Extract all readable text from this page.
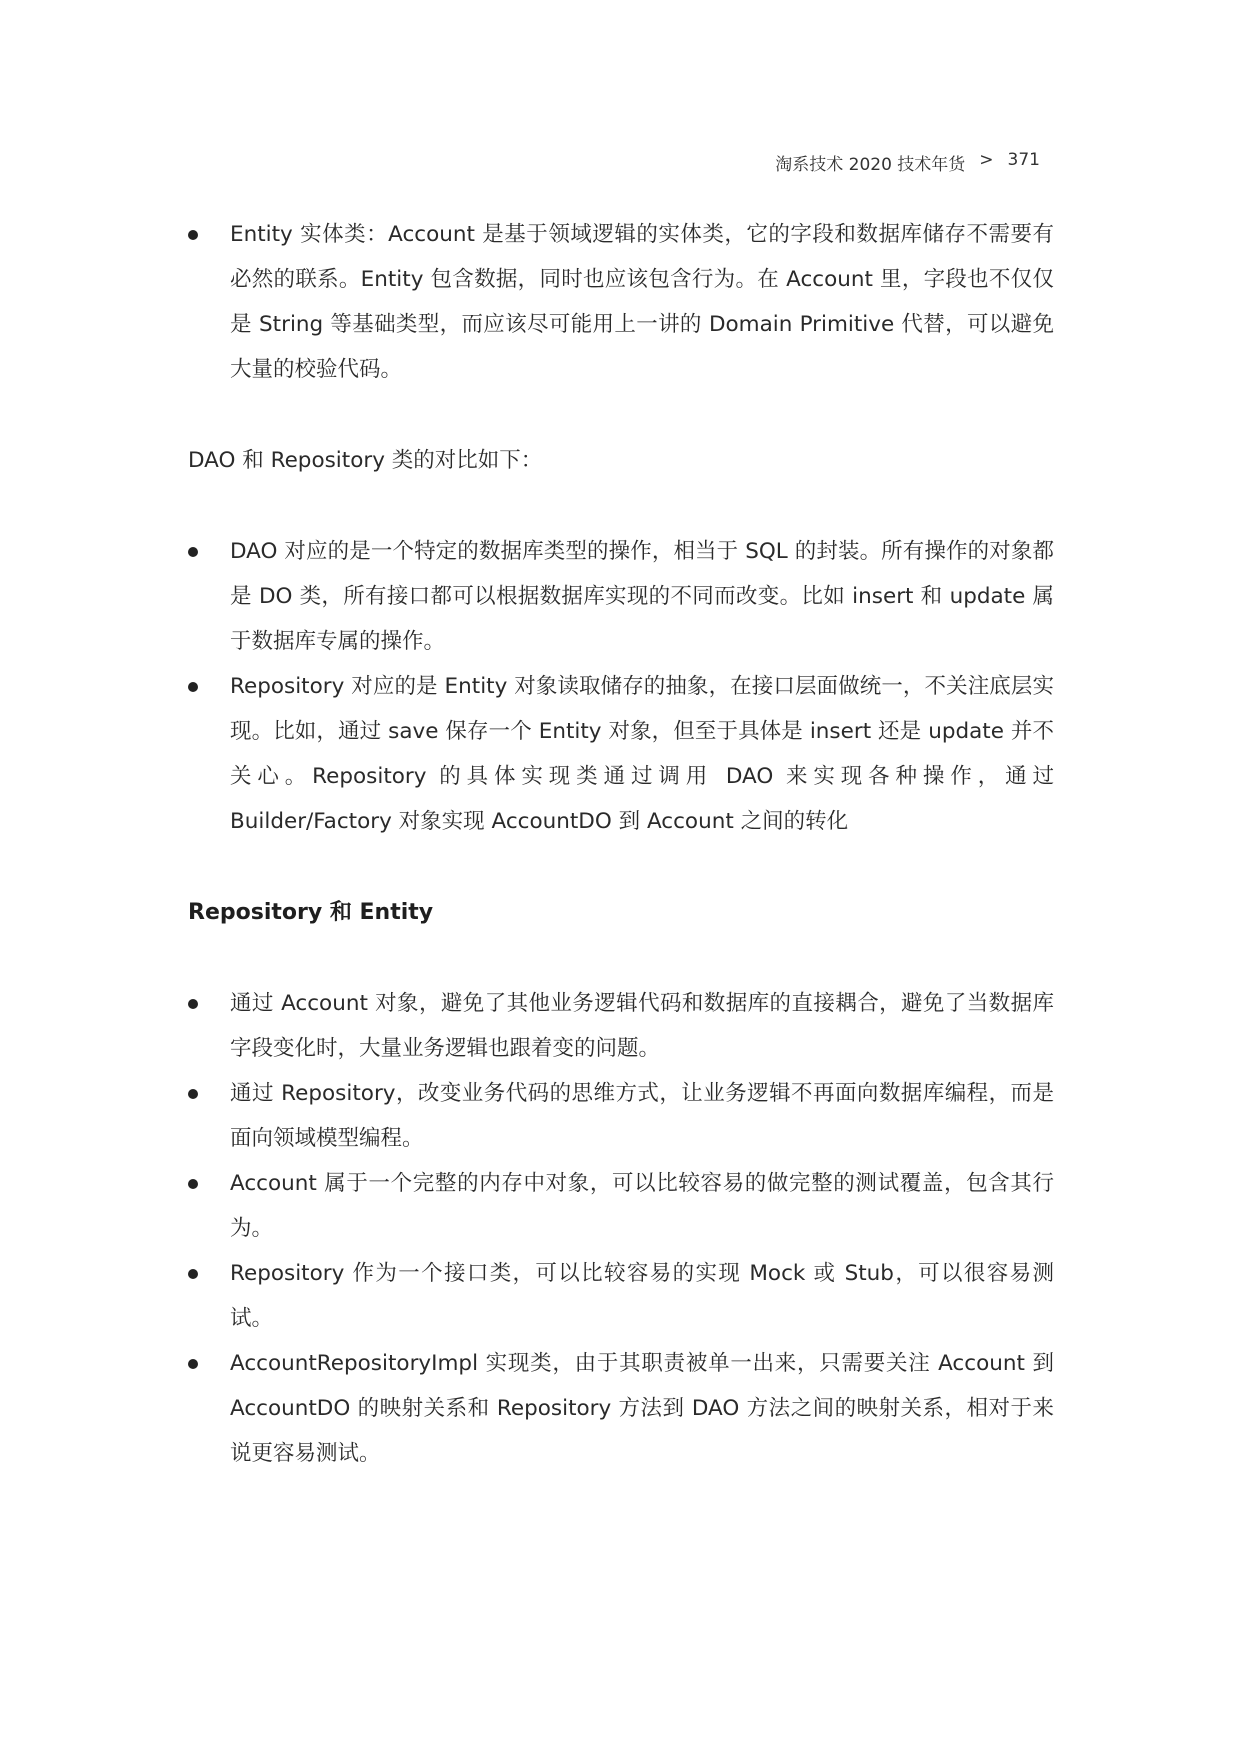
淘系技术 2020 技术年货 > 371
Entity 实体类：Account 是基于领域逻辑的实体类，它的字段和数据库储存不需要有必然的联系。Entity 包含数据，同时也应该包含行为。在 Account 里，字段也不仅仅是 String 等基础类型，而应该尽可能用上一讲的 Domain Primitive 代替，可以避免大量的校验代码。

DAO 和 Repository 类的对比如下：

DAO 对应的是一个特定的数据库类型的操作，相当于 SQL 的封装。所有操作的对象都是 DO 类，所有接口都可以根据数据库实现的不同而改变。比如 insert 和 update 属于数据库专属的操作。
Repository 对应的是 Entity 对象读取储存的抽象，在接口层面做统一，不关注底层实现。比如，通过 save 保存一个 Entity 对象，但至于具体是 insert 还是 update 并不关心。Repository 的具体实现类通过调用 DAO 来实现各种操作，通过 Builder/Factory 对象实现 AccountDO 到 Account 之间的转化
Repository 和 Entity
通过 Account 对象，避免了其他业务逻辑代码和数据库的直接耦合，避免了当数据库字段变化时，大量业务逻辑也跟着变的问题。
通过 Repository，改变业务代码的思维方式，让业务逻辑不再面向数据库编程，而是面向领域模型编程。
Account 属于一个完整的内存中对象，可以比较容易的做完整的测试覆盖，包含其行为。
Repository 作为一个接口类，可以比较容易的实现 Mock 或 Stub，可以很容易测试。
AccountRepositoryImpl 实现类，由于其职责被单一出来，只需要关注 Account 到 AccountDO 的映射关系和 Repository 方法到 DAO 方法之间的映射关系，相对于来说更容易测试。
